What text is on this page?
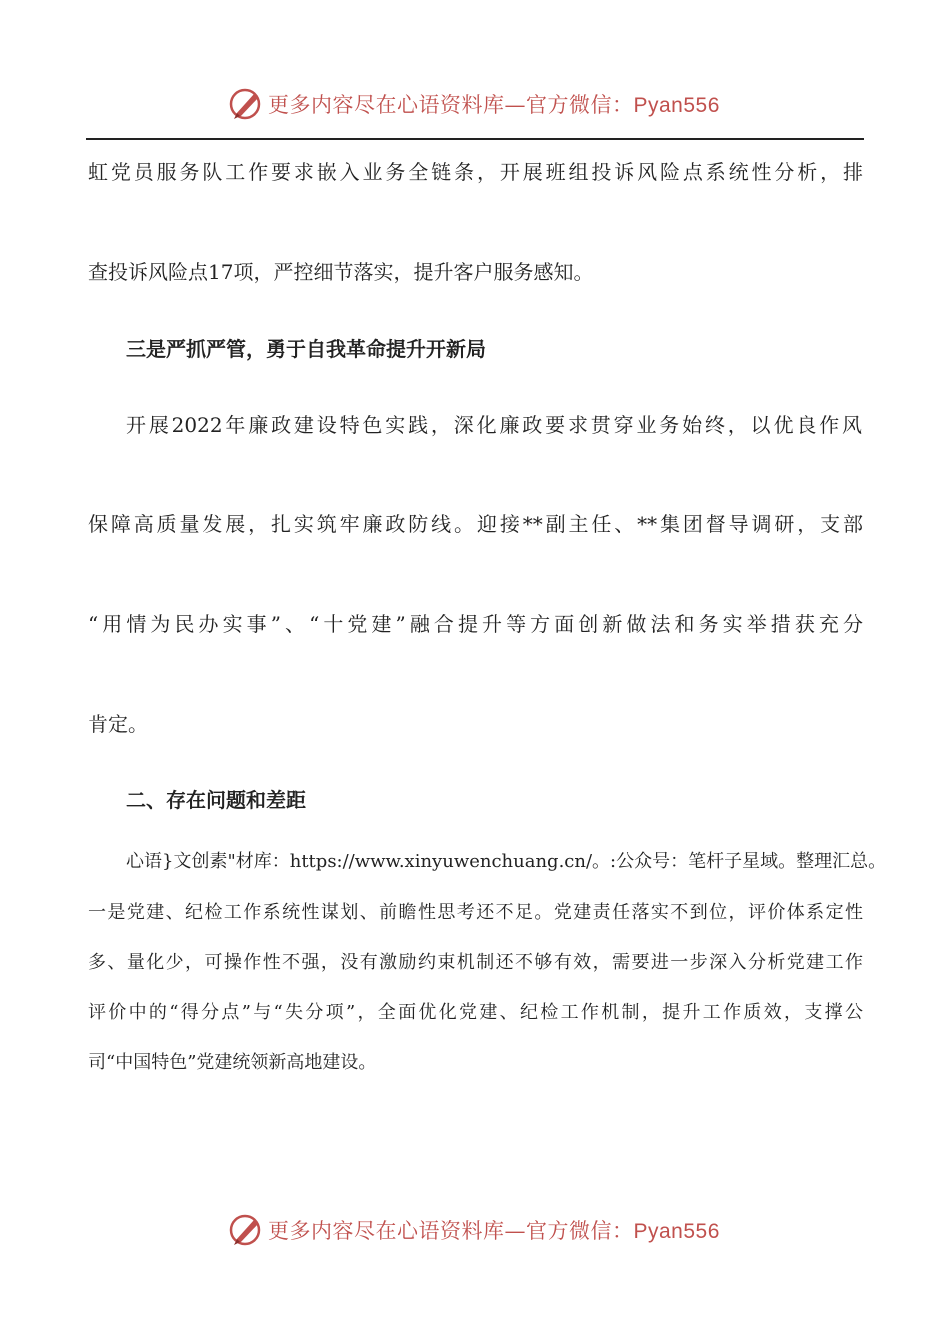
更多内容尽在心语资料库—官方微信：Pyan556
虹党员服务队工作要求嵌入业务全链条，开展班组投诉风险点系统性分析，排
查投诉风险点17项，严控细节落实，提升客户服务感知。
三是严抓严管，勇于自我革命提升开新局
开展2022年廉政建设特色实践，深化廉政要求贯穿业务始终，以优良作风
保障高质量发展，扎实筑牢廉政防线。迎接**副主任、**集团督导调研，支部
“用情为民办实事”、“十党建”融合提升等方面创新做法和务实举措获充分
肯定。
二、存在问题和差距
心语}文创素"材库：https://www.xinyuwenchuang.cn/。:公众号：笔杆子星域。整理汇总。
一是党建、纪检工作系统性谋划、前瞻性思考还不足。党建责任落实不到位，评价体系定性
多、量化少，可操作性不强，没有激励约束机制还不够有效，需要进一步深入分析党建工作
评价中的“得分点”与“失分项”，全面优化党建、纪检工作机制，提升工作质效，支撑公
司“中国特色”党建统领新高地建设。
更多内容尽在心语资料库—官方微信：Pyan556
